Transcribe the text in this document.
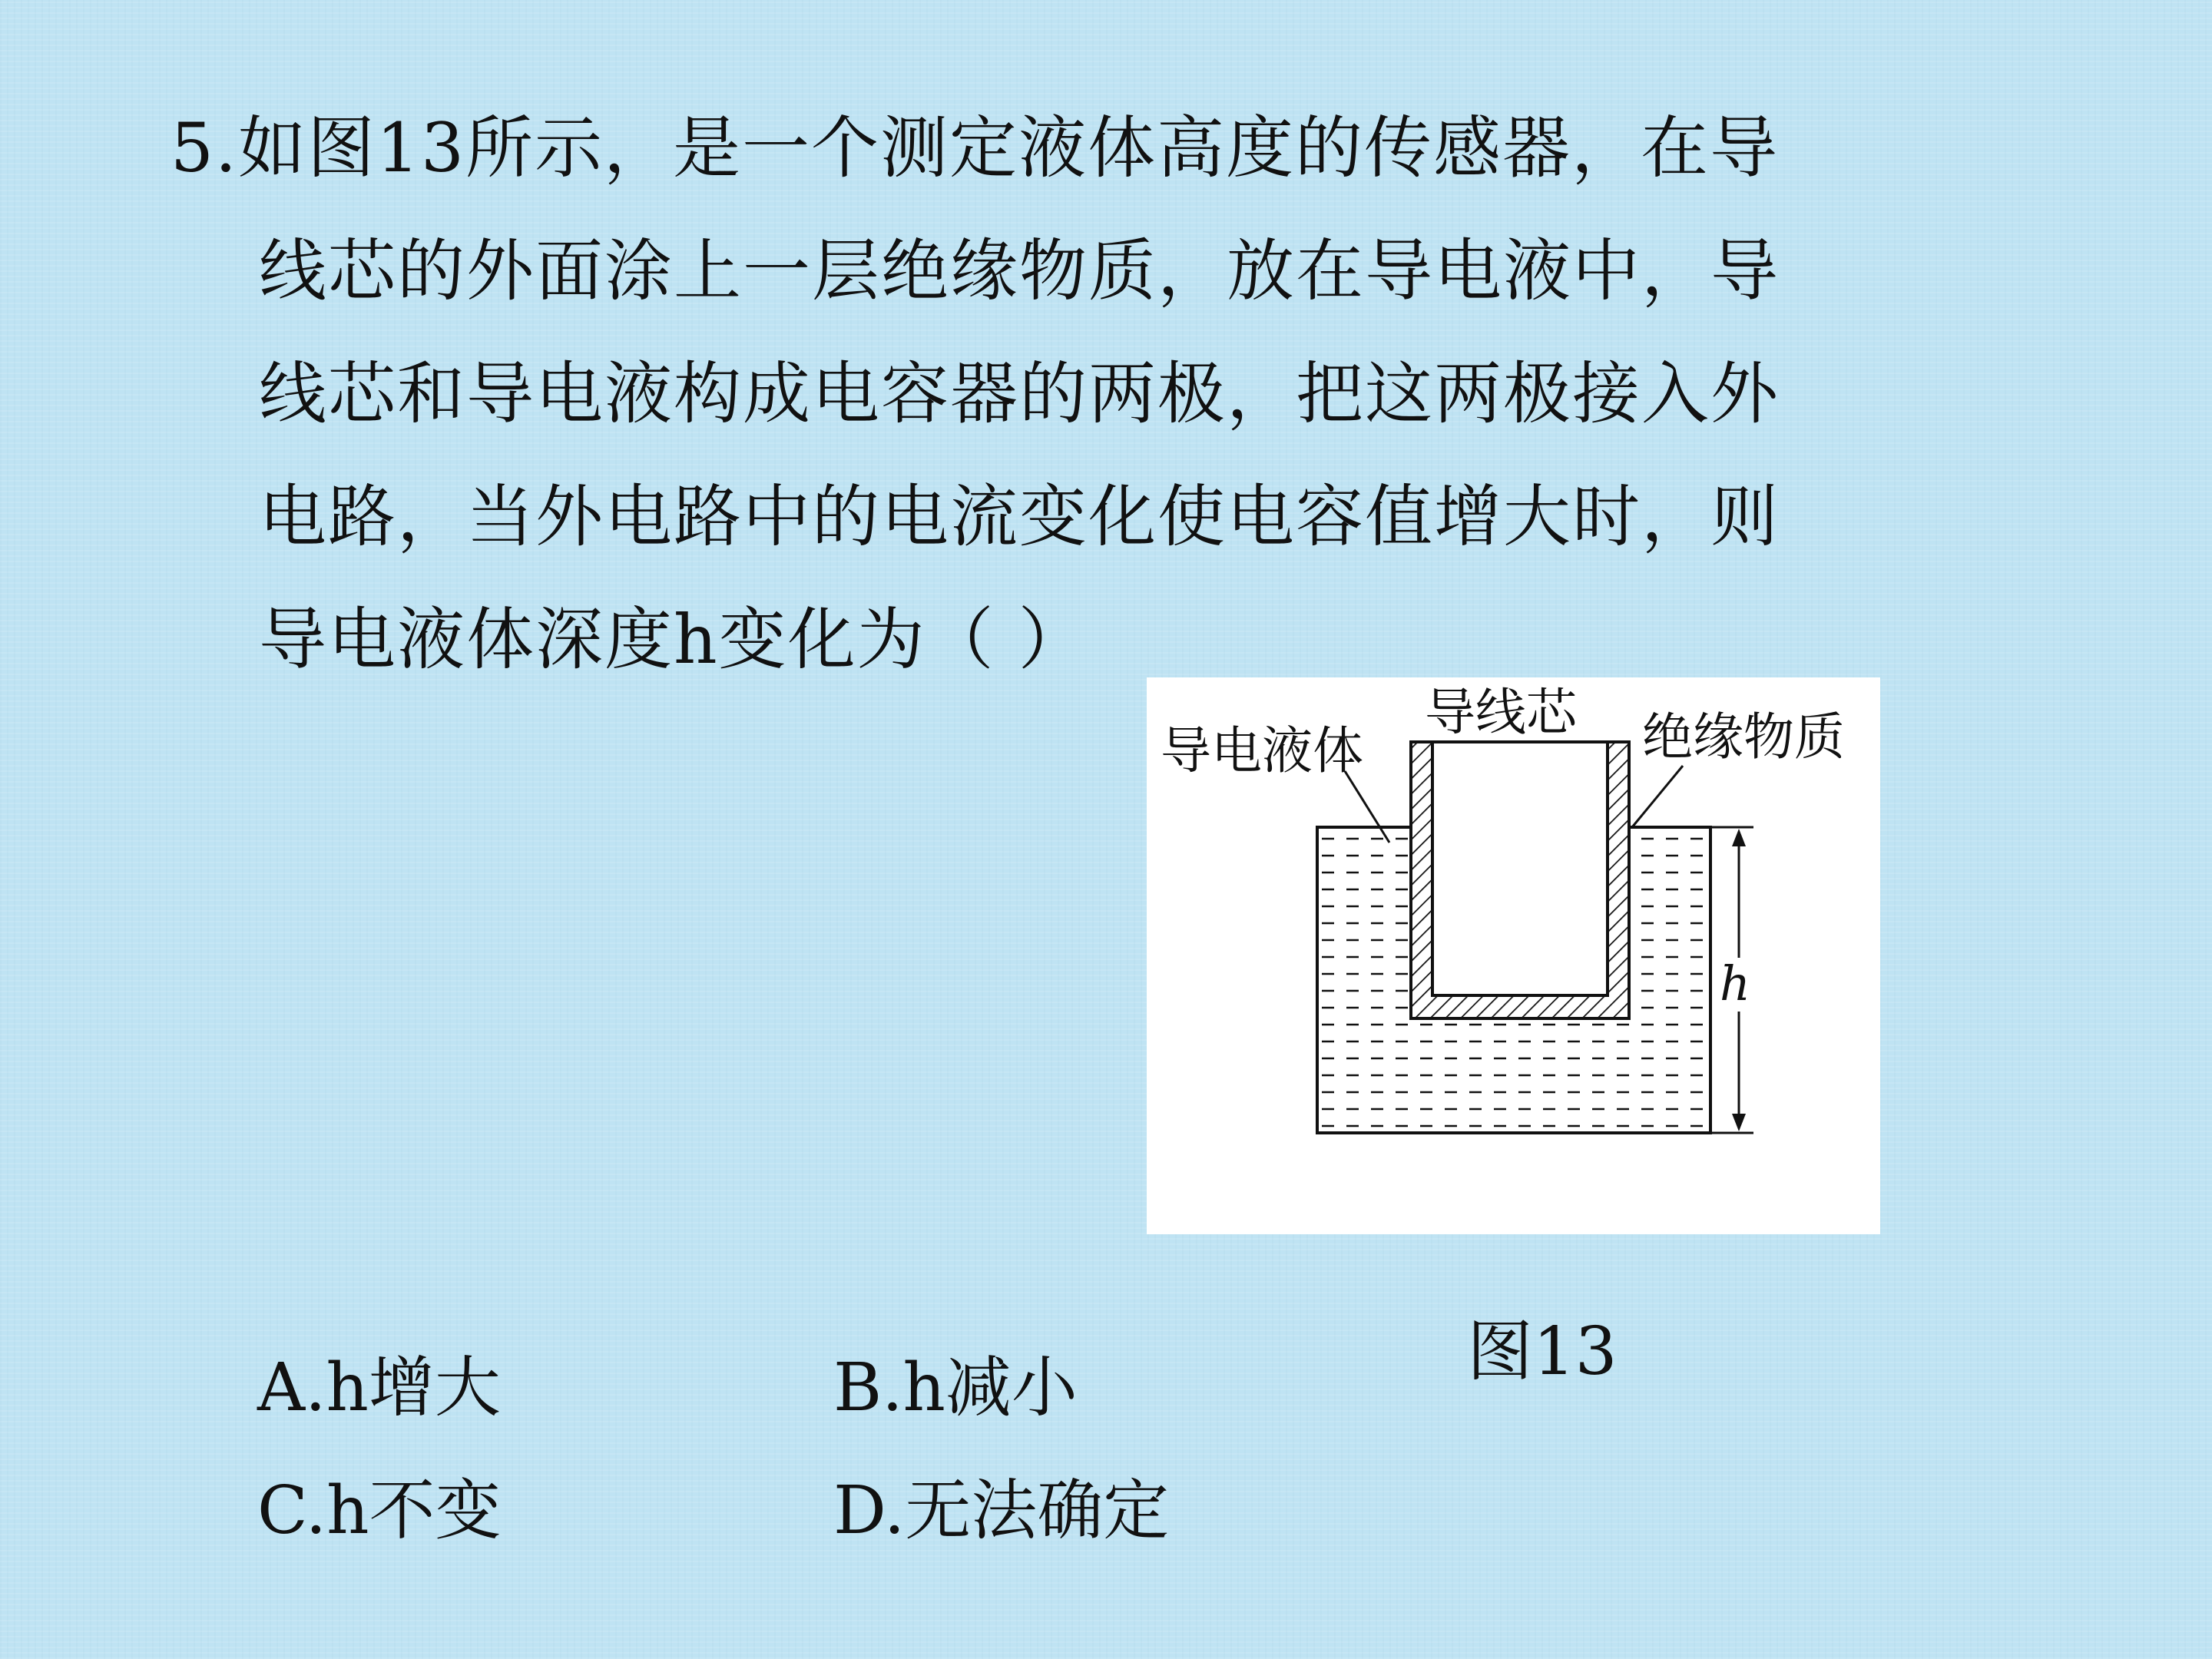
5.如图13所示，是一个测定液体高度的传感器，在导
线芯的外面涂上一层绝缘物质，放在导电液中，导
线芯和导电液构成电容器的两极，把这两极接入外
电路，当外电路中的电流变化使电容值增大时，则
导电液体深度h变化为（ ）
导电液体
导线芯 绝缘物质
h
图13
A.h增大	B.h减小
C.h不变	D.无法确定
